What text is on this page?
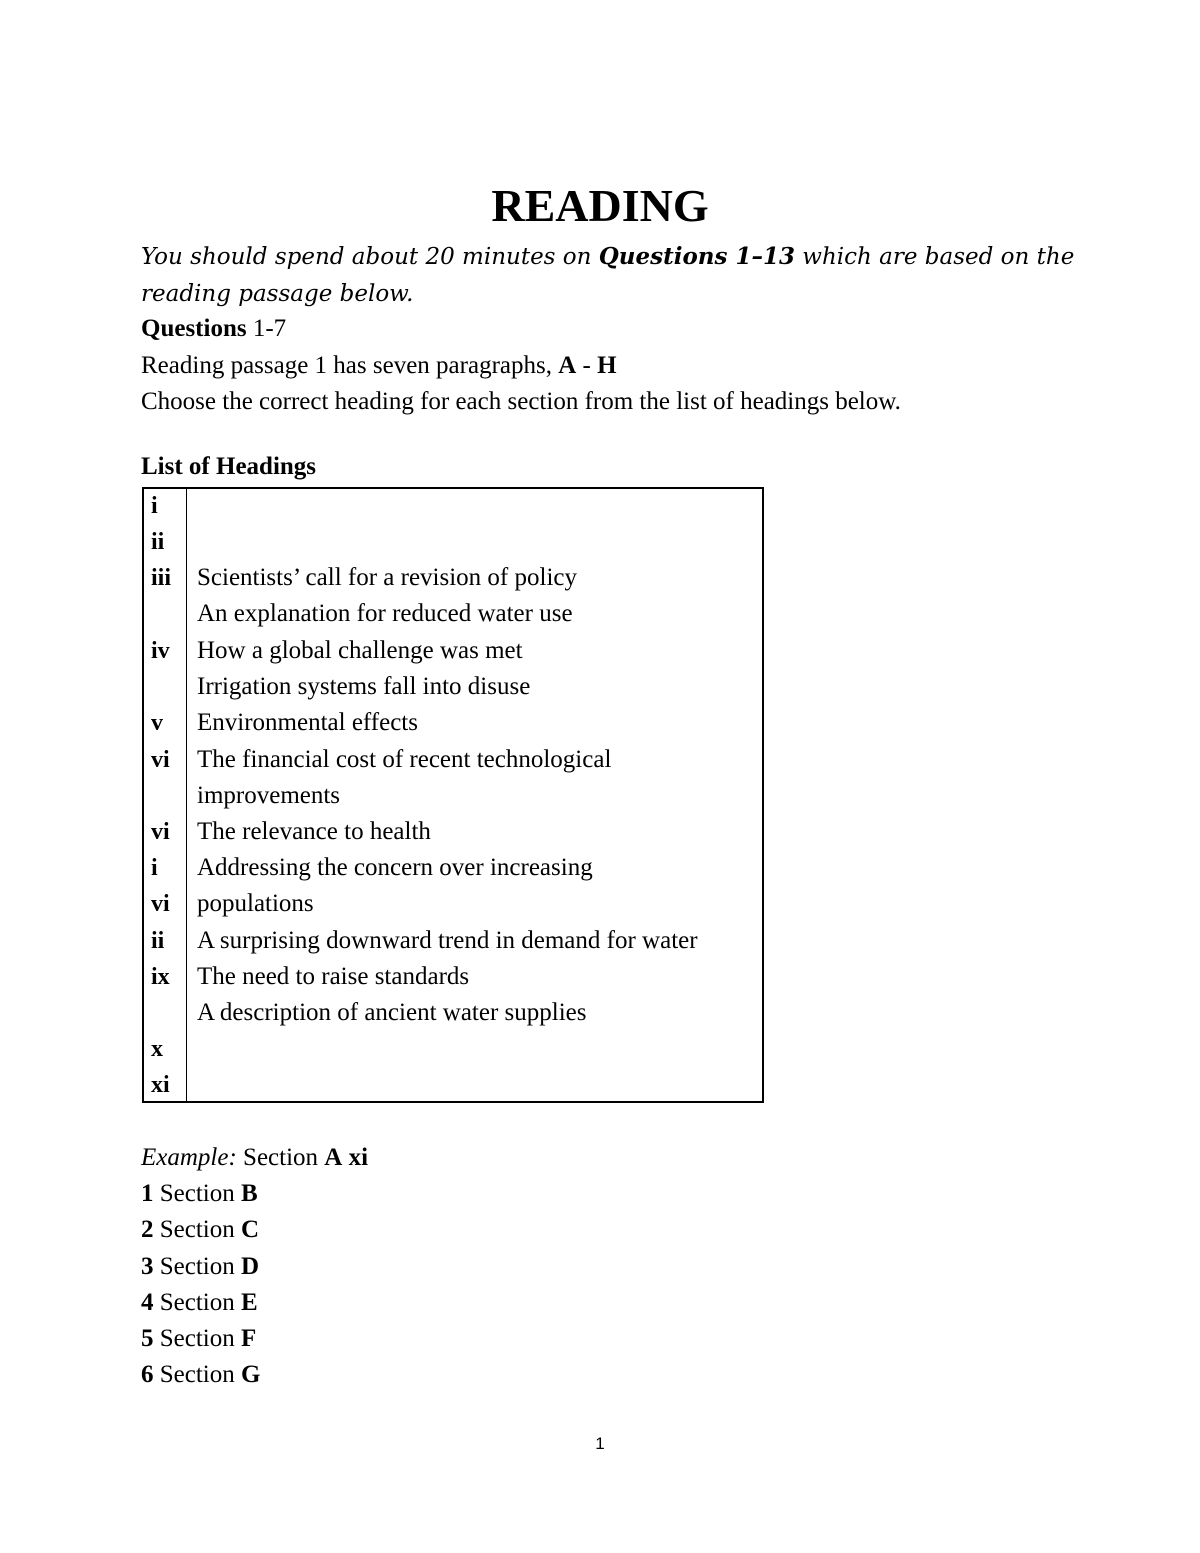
READING
You should spend about 20 minutes on Questions 1–13 which are based on the
reading passage below.
Questions 1-7
Reading passage 1 has seven paragraphs, A - H
Choose the correct heading for each section from the list of headings below.
List of Headings
i
ii
iii
iv
v
vi
vi
i
vi
ii
ix
x
xi
Scientists’ call for a revision of policy
An explanation for reduced water use
How a global challenge was met
Irrigation systems fall into disuse
Environmental effects
The financial cost of recent technological
improvements
The relevance to health
Addressing the concern over increasing
populations
A surprising downward trend in demand for water
The need to raise standards
A description of ancient water supplies
Example: Section A xi
1 Section B
2 Section C
3 Section D
4 Section E
5 Section F
6 Section G
1
